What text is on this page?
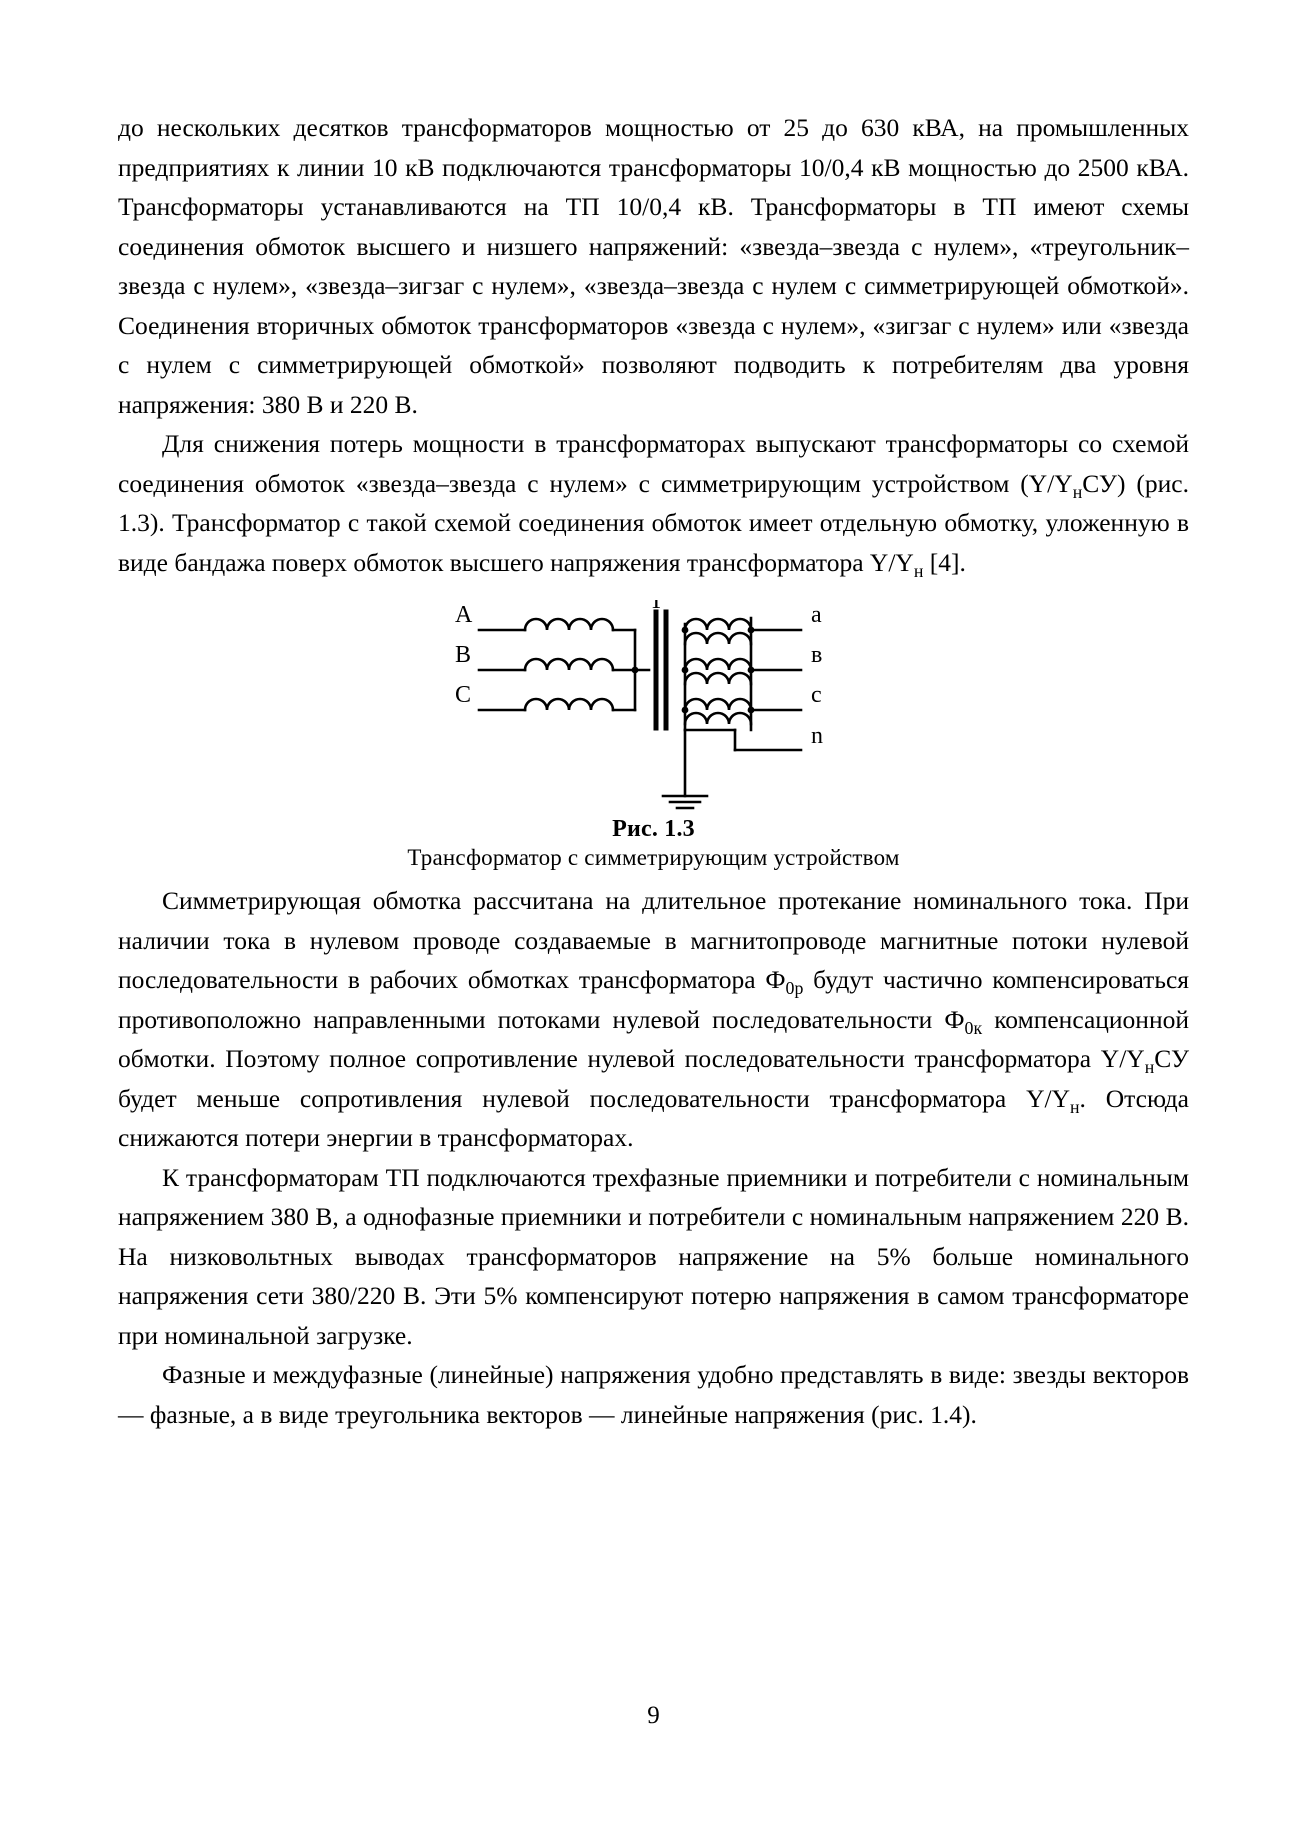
до нескольких десятков трансформаторов мощностью от 25 до 630 кВА, на промышленных предприятиях к линии 10 кВ подключаются трансформаторы 10/0,4 кВ мощностью до 2500 кВА. Трансформаторы устанавливаются на ТП 10/0,4 кВ. Трансформаторы в ТП имеют схемы соединения обмоток высшего и низшего напряжений: «звезда–звезда с нулем», «треугольник–звезда с нулем», «звезда–зигзаг с нулем», «звезда–звезда с нулем с симметрирующей обмоткой». Соединения вторичных обмоток трансформаторов «звезда с нулем», «зигзаг с нулем» или «звезда с нулем с симметрирующей обмоткой» позволяют подводить к потребителям два уровня напряжения: 380 В и 220 В.

Для снижения потерь мощности в трансформаторах выпускают трансформаторы со схемой соединения обмоток «звезда–звезда с нулем» с симметрирующим устройством $(Y/Y_нСУ)$ (рис. 1.3). Трансформатор с такой схемой соединения обмоток имеет отдельную обмотку, уложенную в виде бандажа поверх обмоток высшего напряжения трансформатора $Y/Y_н$ [4].

A
B
C
Т
a
в
c
n
Рис. 1.3
Трансформатор с симметрирующим устройством

Симметрирующая обмотка рассчитана на длительное протекание номинального тока. При наличии тока в нулевом проводе создаваемые в магнитопроводе магнитные потоки нулевой последовательности в рабочих обмотках трансформатора $Ф_{0р}$ будут частично компенсироваться противоположно направленными потоками нулевой последовательности $Ф_{0к}$ компенсационной обмотки. Поэтому полное сопротивление нулевой последовательности трансформатора $Y/Y_нСУ$ будет меньше сопротивления нулевой последовательности трансформатора $Y/Y_н$. Отсюда снижаются потери энергии в трансформаторах.

К трансформаторам ТП подключаются трехфазные приемники и потребители с номинальным напряжением 380 В, а однофазные приемники и потребители с номинальным напряжением 220 В. На низковольтных выводах трансформаторов напряжение на 5% больше номинального напряжения сети 380/220 В. Эти 5% компенсируют потерю напряжения в самом трансформаторе при номинальной загрузке.

Фазные и междуфазные (линейные) напряжения удобно представлять в виде: звезды векторов — фазные, а в виде треугольника векторов — линейные напряжения (рис. 1.4).

9
